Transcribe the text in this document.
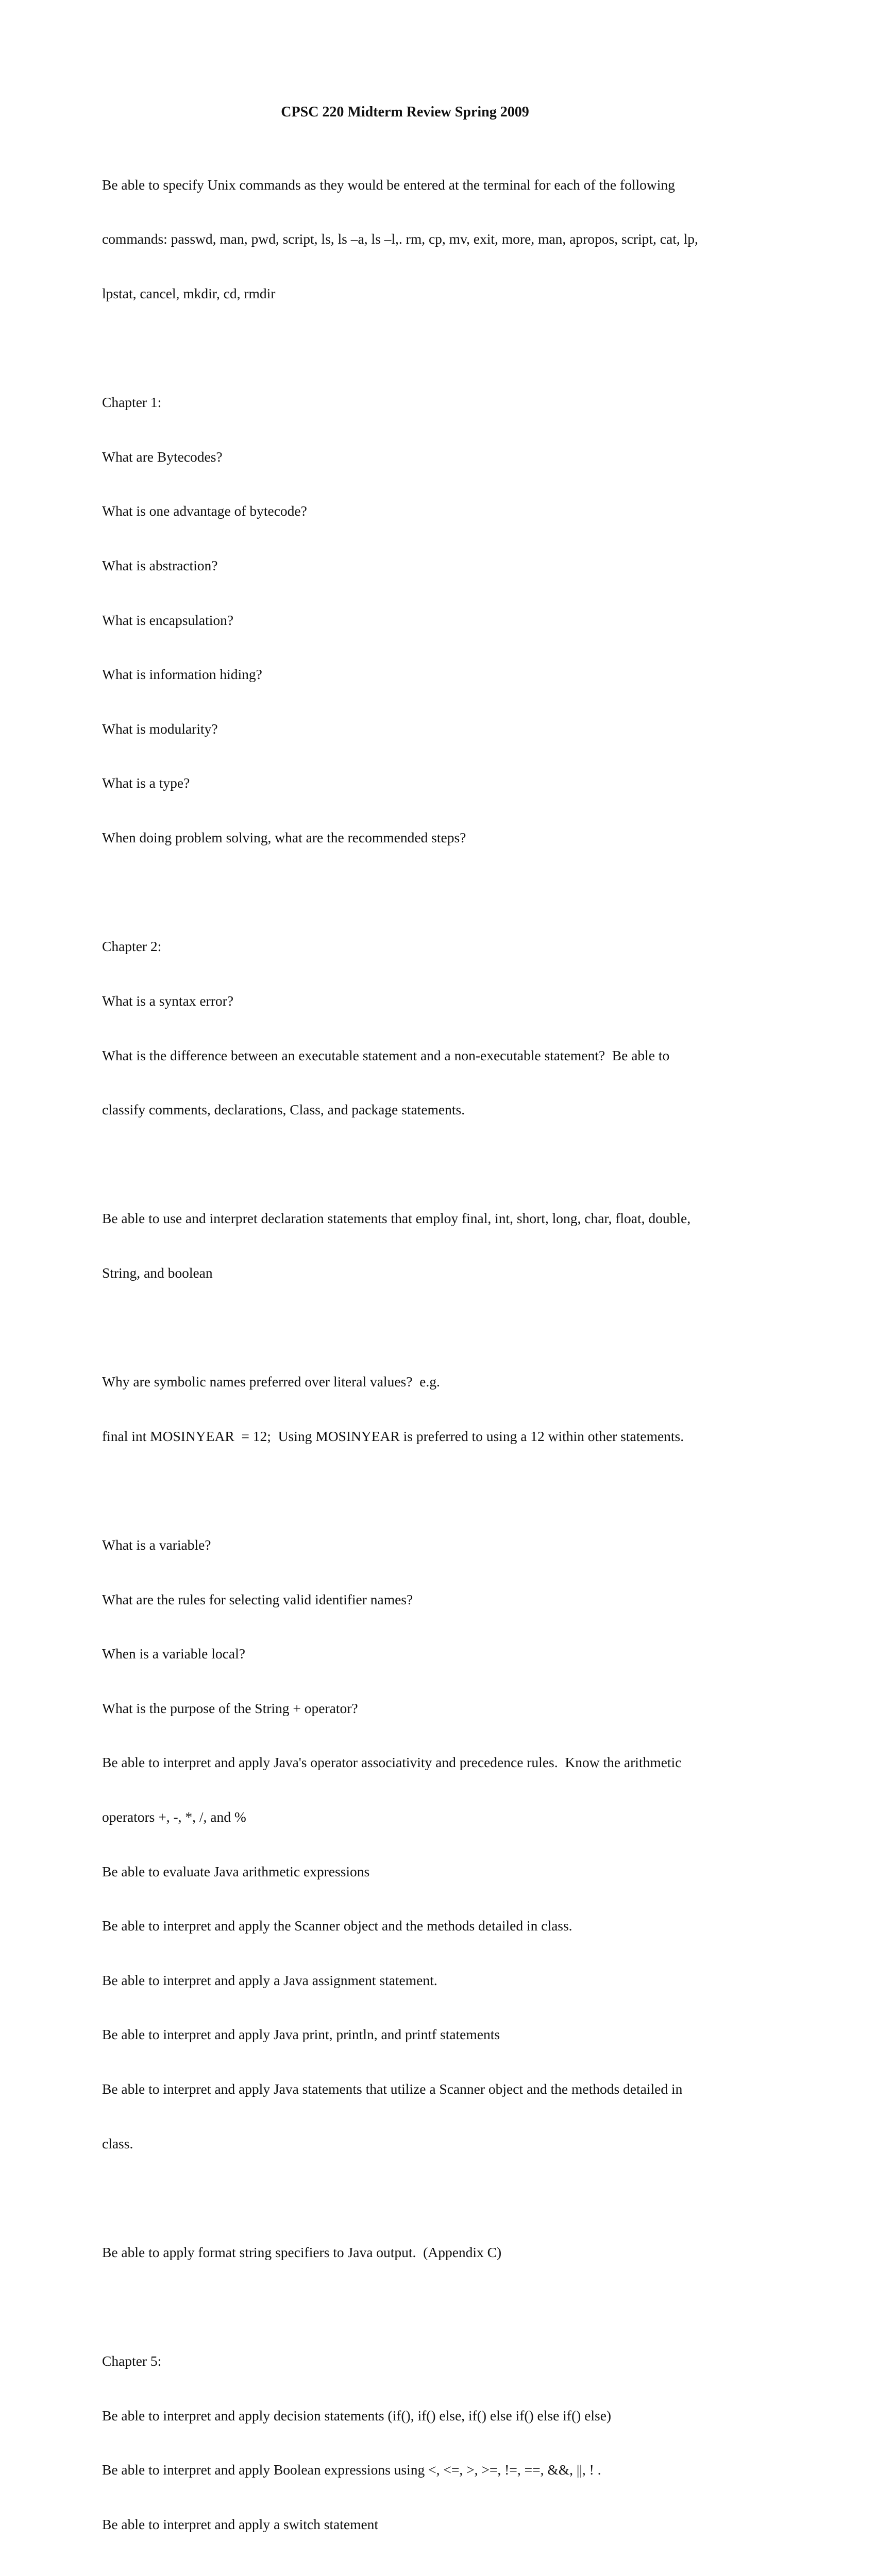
CPSC 220 Midterm Review Spring 2009

Be able to specify Unix commands as they would be entered at the terminal for each of the following

commands: passwd, man, pwd, script, ls, ls –a, ls –l,. rm, cp, mv, exit, more, man, apropos, script, cat, lp,

lpstat, cancel, mkdir, cd, rmdir

Chapter 1:

What are Bytecodes?

What is one advantage of bytecode?

What is abstraction?

What is encapsulation?

What is information hiding?

What is modularity?

What is a type?

When doing problem solving, what are the recommended steps?

Chapter 2:

What is a syntax error?

What is the difference between an executable statement and a non-executable statement?  Be able to

classify comments, declarations, Class, and package statements.

Be able to use and interpret declaration statements that employ final, int, short, long, char, float, double,

String, and boolean

Why are symbolic names preferred over literal values?  e.g.

final int MOSINYEAR  = 12;  Using MOSINYEAR is preferred to using a 12 within other statements.

What is a variable?

What are the rules for selecting valid identifier names?

When is a variable local?

What is the purpose of the String + operator?

Be able to interpret and apply Java's operator associativity and precedence rules.  Know the arithmetic

operators +, -, *, /, and %

Be able to evaluate Java arithmetic expressions

Be able to interpret and apply the Scanner object and the methods detailed in class.

Be able to interpret and apply a Java assignment statement.

Be able to interpret and apply Java print, println, and printf statements

Be able to interpret and apply Java statements that utilize a Scanner object and the methods detailed in

class.

Be able to apply format string specifiers to Java output.  (Appendix C)

Chapter 5:

Be able to interpret and apply decision statements (if(), if() else, if() else if() else if() else)

Be able to interpret and apply Boolean expressions using <, <=, >, >=, !=, ==, &&, ||, ! .

Be able to interpret and apply a switch statement
